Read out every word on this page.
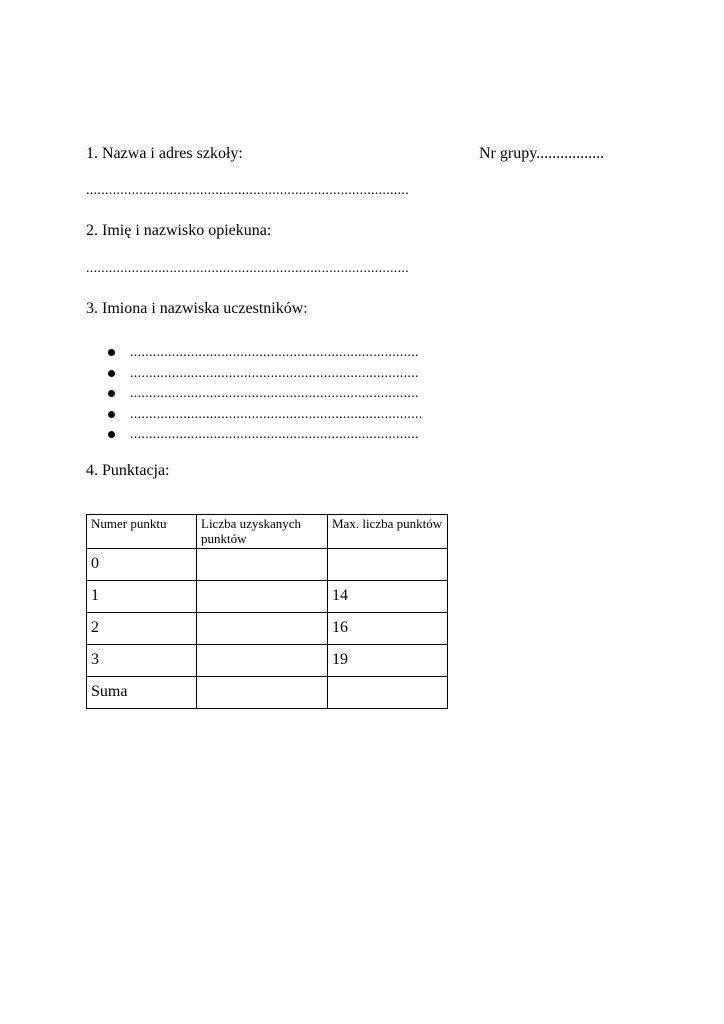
1. Nazwa i adres szkoły:	Nr grupy.................
.....................................................................................
2. Imię i nazwisko opiekuna:
.....................................................................................
3. Imiona i nazwiska uczestników:
............................................................................
............................................................................
............................................................................
.............................................................................
............................................................................
4. Punktacja:
Numer punktu	Liczba uzyskanych punktów	Max. liczba punktów
0		
1		14
2		16
3		19
Suma		
